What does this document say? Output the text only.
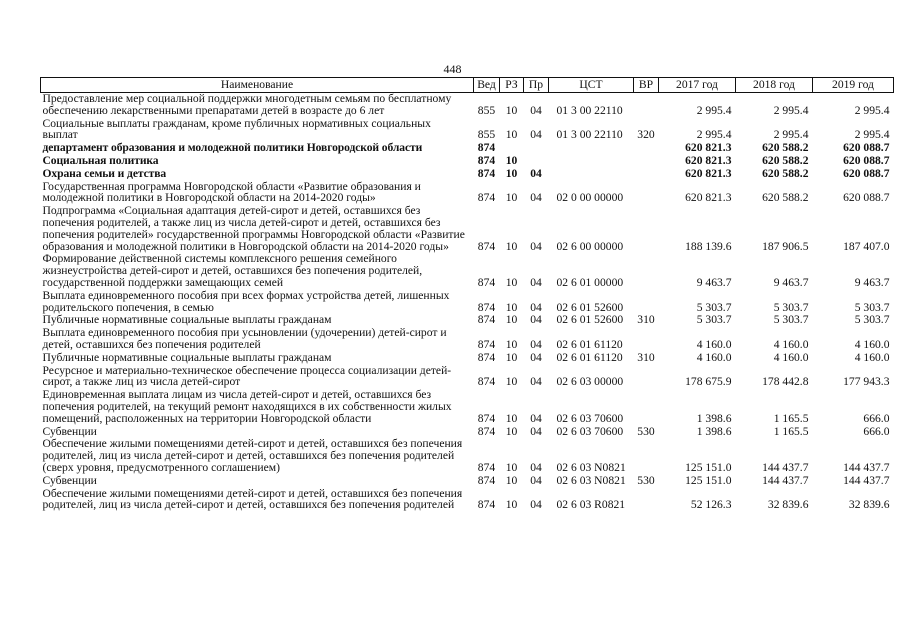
448
Наименование	Вед	РЗ	Пр	ЦСТ	ВР	2017 год	2018 год	2019 год
Предоставление мер социальной поддержки многодетным семьям по бесплатному обеспечению лекарственными препаратами детей в возрасте до 6 лет	855	10	04	01 3 00 22110		2 995.4	2 995.4	2 995.4
Социальные выплаты гражданам, кроме публичных нормативных социальных выплат	855	10	04	01 3 00 22110	320	2 995.4	2 995.4	2 995.4
департамент образования и молодежной политики Новгородской области	874					620 821.3	620 588.2	620 088.7
Социальная политика	874	10				620 821.3	620 588.2	620 088.7
Охрана семьи и детства	874	10	04			620 821.3	620 588.2	620 088.7
Государственная программа Новгородской области «Развитие образования и молодежной политики в Новгородской области на 2014-2020 годы»	874	10	04	02 0 00 00000		620 821.3	620 588.2	620 088.7
Подпрограмма «Социальная адаптация детей-сирот и детей, оставшихся без попечения родителей, а также лиц из числа детей-сирот и детей, оставшихся без попечения родителей» государственной программы Новгородской области «Развитие образования и молодежной политики в Новгородской области на 2014-2020 годы»	874	10	04	02 6 00 00000		188 139.6	187 906.5	187 407.0
Формирование действенной системы комплексного решения семейного жизнеустройства детей-сирот и детей, оставшихся без попечения родителей, государственной поддержки замещающих семей	874	10	04	02 6 01 00000		9 463.7	9 463.7	9 463.7
Выплата единовременного пособия при всех формах устройства детей, лишенных родительского попечения, в семью	874	10	04	02 6 01 52600		5 303.7	5 303.7	5 303.7
Публичные нормативные социальные выплаты гражданам	874	10	04	02 6 01 52600	310	5 303.7	5 303.7	5 303.7
Выплата единовременного пособия при усыновлении (удочерении) детей-сирот и детей, оставшихся без попечения родителей	874	10	04	02 6 01 61120		4 160.0	4 160.0	4 160.0
Публичные нормативные социальные выплаты гражданам	874	10	04	02 6 01 61120	310	4 160.0	4 160.0	4 160.0
Ресурсное и материально-техническое обеспечение процесса социализации детей-сирот, а также лиц из числа детей-сирот	874	10	04	02 6 03 00000		178 675.9	178 442.8	177 943.3
Единовременная выплата лицам из числа детей-сирот и детей, оставшихся без попечения родителей, на текущий ремонт находящихся в их собственности жилых помещений, расположенных на территории Новгородской области	874	10	04	02 6 03 70600		1 398.6	1 165.5	666.0
Субвенции	874	10	04	02 6 03 70600	530	1 398.6	1 165.5	666.0
Обеспечение жилыми помещениями детей-сирот и детей, оставшихся без попечения родителей, лиц из числа детей-сирот и детей, оставшихся без попечения родителей (сверх уровня, предусмотренного соглашением)	874	10	04	02 6 03 N0821		125 151.0	144 437.7	144 437.7
Субвенции	874	10	04	02 6 03 N0821	530	125 151.0	144 437.7	144 437.7
Обеспечение жилыми помещениями детей-сирот и детей, оставшихся без попечения родителей, лиц из числа детей-сирот и детей, оставшихся без попечения родителей	874	10	04	02 6 03 R0821		52 126.3	32 839.6	32 839.6
